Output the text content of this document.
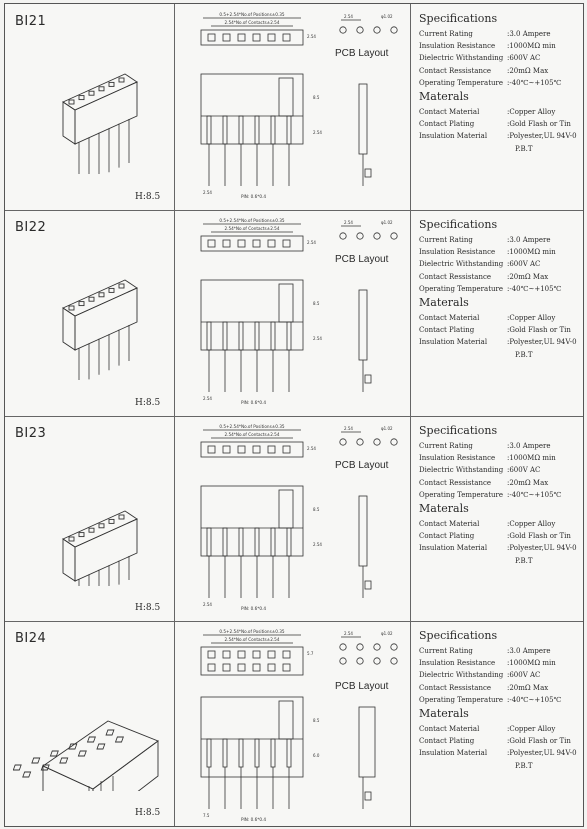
BI21
H:8.5
0.5+2.54*No.of Positions±0.35
2.54*No.of Contacts±2.54
2.54
8.5
2.54
2.54
PIN: 0.6*0.4
2.54	φ1.02
PCB Layout
Specifications
Current Rating	:3.0 Ampere
Insulation Resistance	:1000MΩ min
Dielectric Withstanding :600V AC
Contact Ressistance	:20mΩ Max
Operating Temperature :-40℃~+105℃
Materals
Contact Material	:Copper Alloy
Contact Plating	:Gold Flash or Tin
Insulation Material	:Polyester,UL 94V-0
P.B.T
BI22
H:8.5
0.5+2.54*No.of Positions±0.35
2.54*No.of Contacts±2.54
2.54
8.5
2.54
2.54
PIN: 0.6*0.4
2.54	φ1.02
PCB Layout
Specifications
Current Rating	:3.0 Ampere
Insulation Resistance	:1000MΩ min
Dielectric Withstanding :600V AC
Contact Ressistance	:20mΩ Max
Operating Temperature :-40℃~+105℃
Materals
Contact Material	:Copper Alloy
Contact Plating	:Gold Flash or Tin
Insulation Material	:Polyester,UL 94V-0
P.B.T
BI23
H:8.5
0.5+2.54*No.of Positions±0.35
2.54*No.of Contacts±2.54
2.54
8.5
2.54
2.54
PIN: 0.6*0.4
2.54	φ1.02
PCB Layout
Specifications
Current Rating	:3.0 Ampere
Insulation Resistance	:1000MΩ min
Dielectric Withstanding :600V AC
Contact Ressistance	:20mΩ Max
Operating Temperature :-40℃~+105℃
Materals
Contact Material	:Copper Alloy
Contact Plating	:Gold Flash or Tin
Insulation Material	:Polyester,UL 94V-0
P.B.T
BI24
H:8.5
0.5+2.54*No.of Positions±0.35
2.54*No.of Contacts±2.54
5.7
8.5
6.0
7.5
PIN: 0.6*0.4
2.54	φ1.02
PCB Layout
Specifications
Current Rating	:3.0 Ampere
Insulation Resistance	:1000MΩ min
Dielectric Withstanding :600V AC
Contact Ressistance	:20mΩ Max
Operating Temperature :-40℃~+105℃
Materals
Contact Material	:Copper Alloy
Contact Plating	:Gold Flash or Tin
Insulation Material	:Polyester,UL 94V-0
P.B.T
